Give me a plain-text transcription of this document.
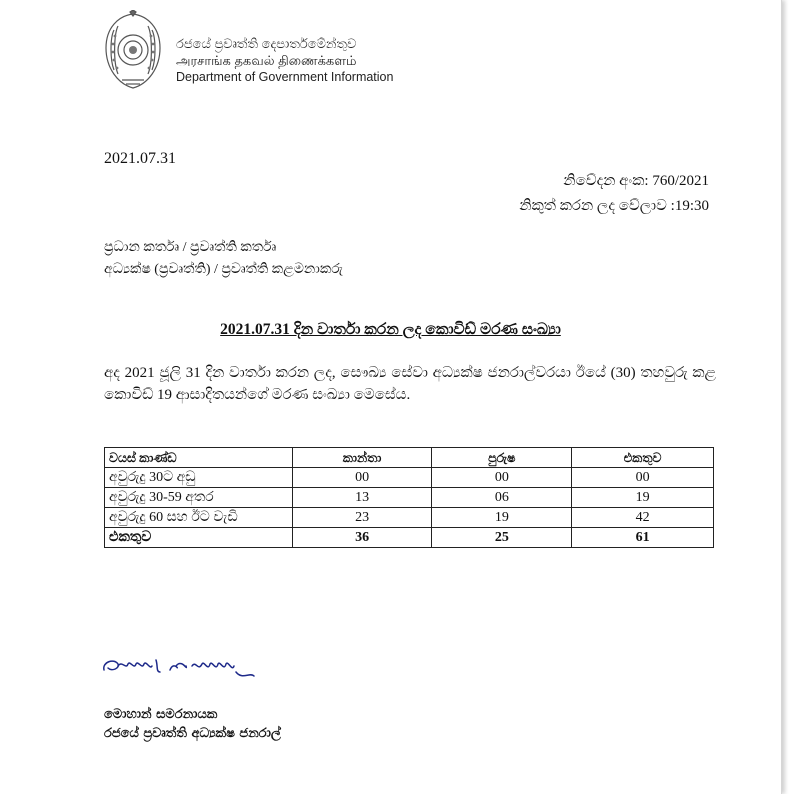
රජයේ ප්‍රවෘත්ති දෙපාර්තමේන්තුව
அரசாங்க தகவல் திணைக்களம்
Department of Government Information
2021.07.31
නිවේදන අංක: 760/2021
නිකුත් කරන ලද වේලාව :19:30
ප්‍රධාන කර්තෘ / ප්‍රවෘත්ති කර්තෘ
අධ්‍යක්ෂ (ප්‍රවෘත්ති) / ප්‍රවෘත්ති කළමනාකරු
2021.07.31 දින වාර්තා කරන ලද කොවිඩ් මරණ සංඛ්‍යා
අද 2021 ජූලි 31 දින වාර්තා කරන ලද, සෞඛ්‍ය සේවා අධ්‍යක්ෂ ජනරාල්වරයා ඊයේ (30) තහවුරු කළ කොවිඩ් 19 ආසාදිතයන්ගේ මරණ සංඛ්‍යා මෙසේය.
වයස් කාණ්ඩ	කාන්තා	පුරුෂ	එකතුව
අවුරුදු 30ට අඩු	00	00	00
අවුරුදු 30-59 අතර	13	06	19
අවුරුදු 60 සහ ඊට වැඩි	23	19	42
එකතුව	36	25	61
මොහාන් සමරනායක
රජයේ ප්‍රවෘත්ති අධ්‍යක්ෂ ජනරාල්
